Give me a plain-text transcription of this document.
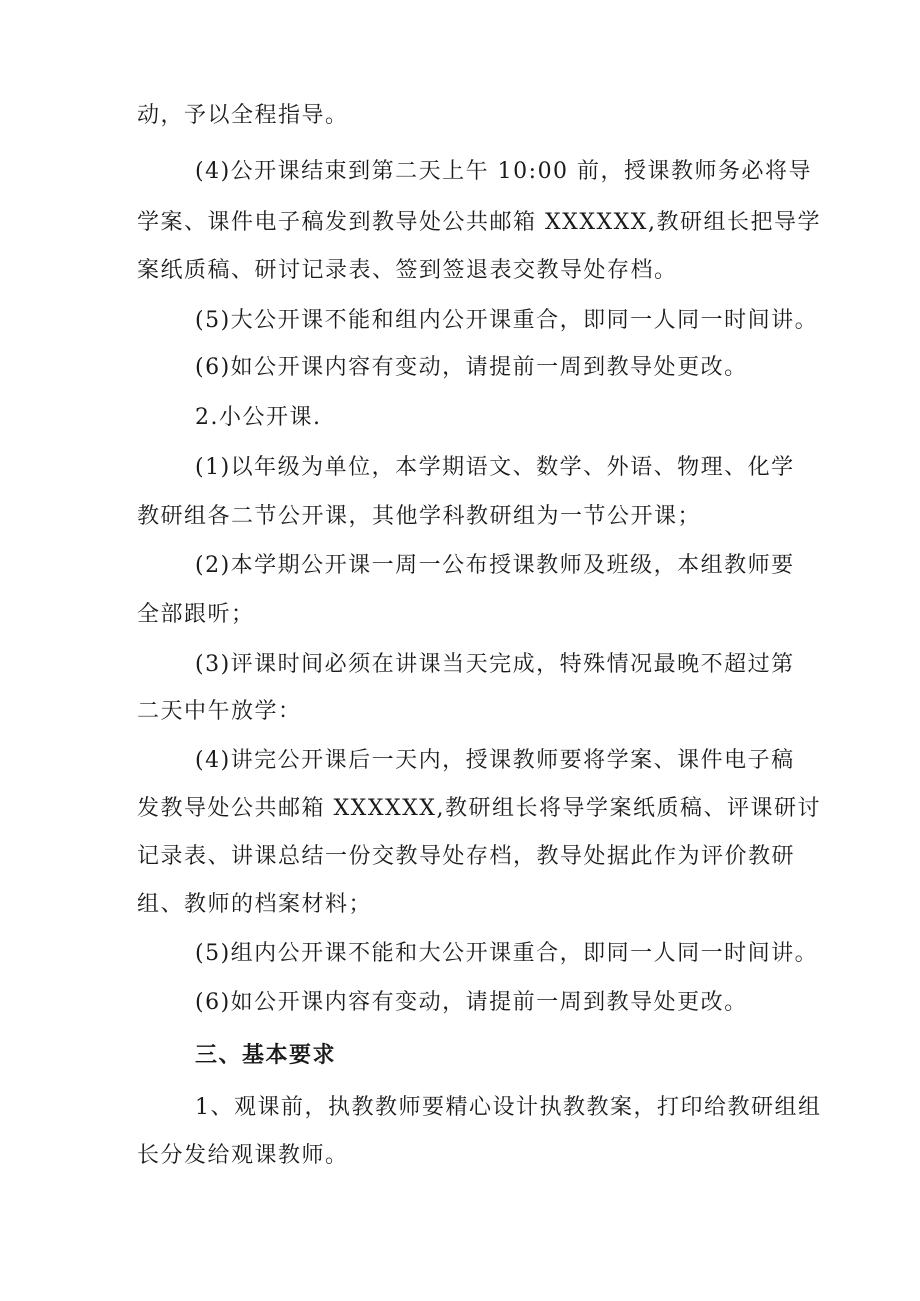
动，予以全程指导。
(4)公开课结束到第二天上午 10:00 前，授课教师务必将导
学案、课件电子稿发到教导处公共邮箱 XXXXXX,教研组长把导学
案纸质稿、研讨记录表、签到签退表交教导处存档。
(5)大公开课不能和组内公开课重合，即同一人同一时间讲。
(6)如公开课内容有变动，请提前一周到教导处更改。
2.小公开课.
(1)以年级为单位，本学期语文、数学、外语、物理、化学
教研组各二节公开课，其他学科教研组为一节公开课；
(2)本学期公开课一周一公布授课教师及班级，本组教师要
全部跟听；
(3)评课时间必须在讲课当天完成，特殊情况最晚不超过第
二天中午放学：
(4)讲完公开课后一天内，授课教师要将学案、课件电子稿
发教导处公共邮箱 XXXXXX,教研组长将导学案纸质稿、评课研讨
记录表、讲课总结一份交教导处存档，教导处据此作为评价教研
组、教师的档案材料；
(5)组内公开课不能和大公开课重合，即同一人同一时间讲。
(6)如公开课内容有变动，请提前一周到教导处更改。
三、基本要求
1、观课前，执教教师要精心设计执教教案，打印给教研组组
长分发给观课教师。
